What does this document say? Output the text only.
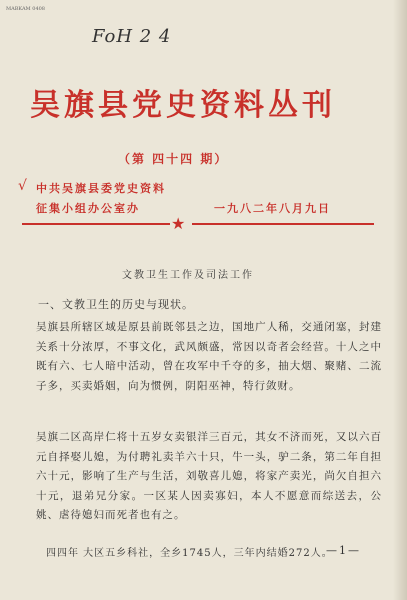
MABKAM 0408
FoH 2 4
吴旗县党史资料丛刊
（第 四十四 期）
√ 中共吴旗县委党史资料
征集小组办公室办	一九八二年八月九日
★
文教卫生工作及司法工作
一、文教卫生的历史与现状。
吴旗县所辖区域是原县前既邻县之边，国地广人稀，交通闭塞，封建关系十分浓厚，不事文化，武风颇盛，常因以奇者会经营。十人之中既有六、七人暗中活动，曾在攻军中千夺的多，抽大烟、聚赌、二流子多，买卖婚姻，向为惯例，阴阳巫神，特行敛财。
吴旗二区高岸仁将十五岁女卖银洋三百元，其女不济而死，又以六百元自择娶儿媳，为付聘礼卖羊六十只，牛一头，驴二条，第二年自担六十元，影响了生产与生活，刘敬喜儿媳，将家产卖光，尚欠自担六十元，退弟兄分家。一区某人因卖寡妇，本人不愿意而综送去，公姚、虐待媳妇而死者也有之。
四四年 大区五乡科社，全乡1745人，三年内结婚272人。
—1—
